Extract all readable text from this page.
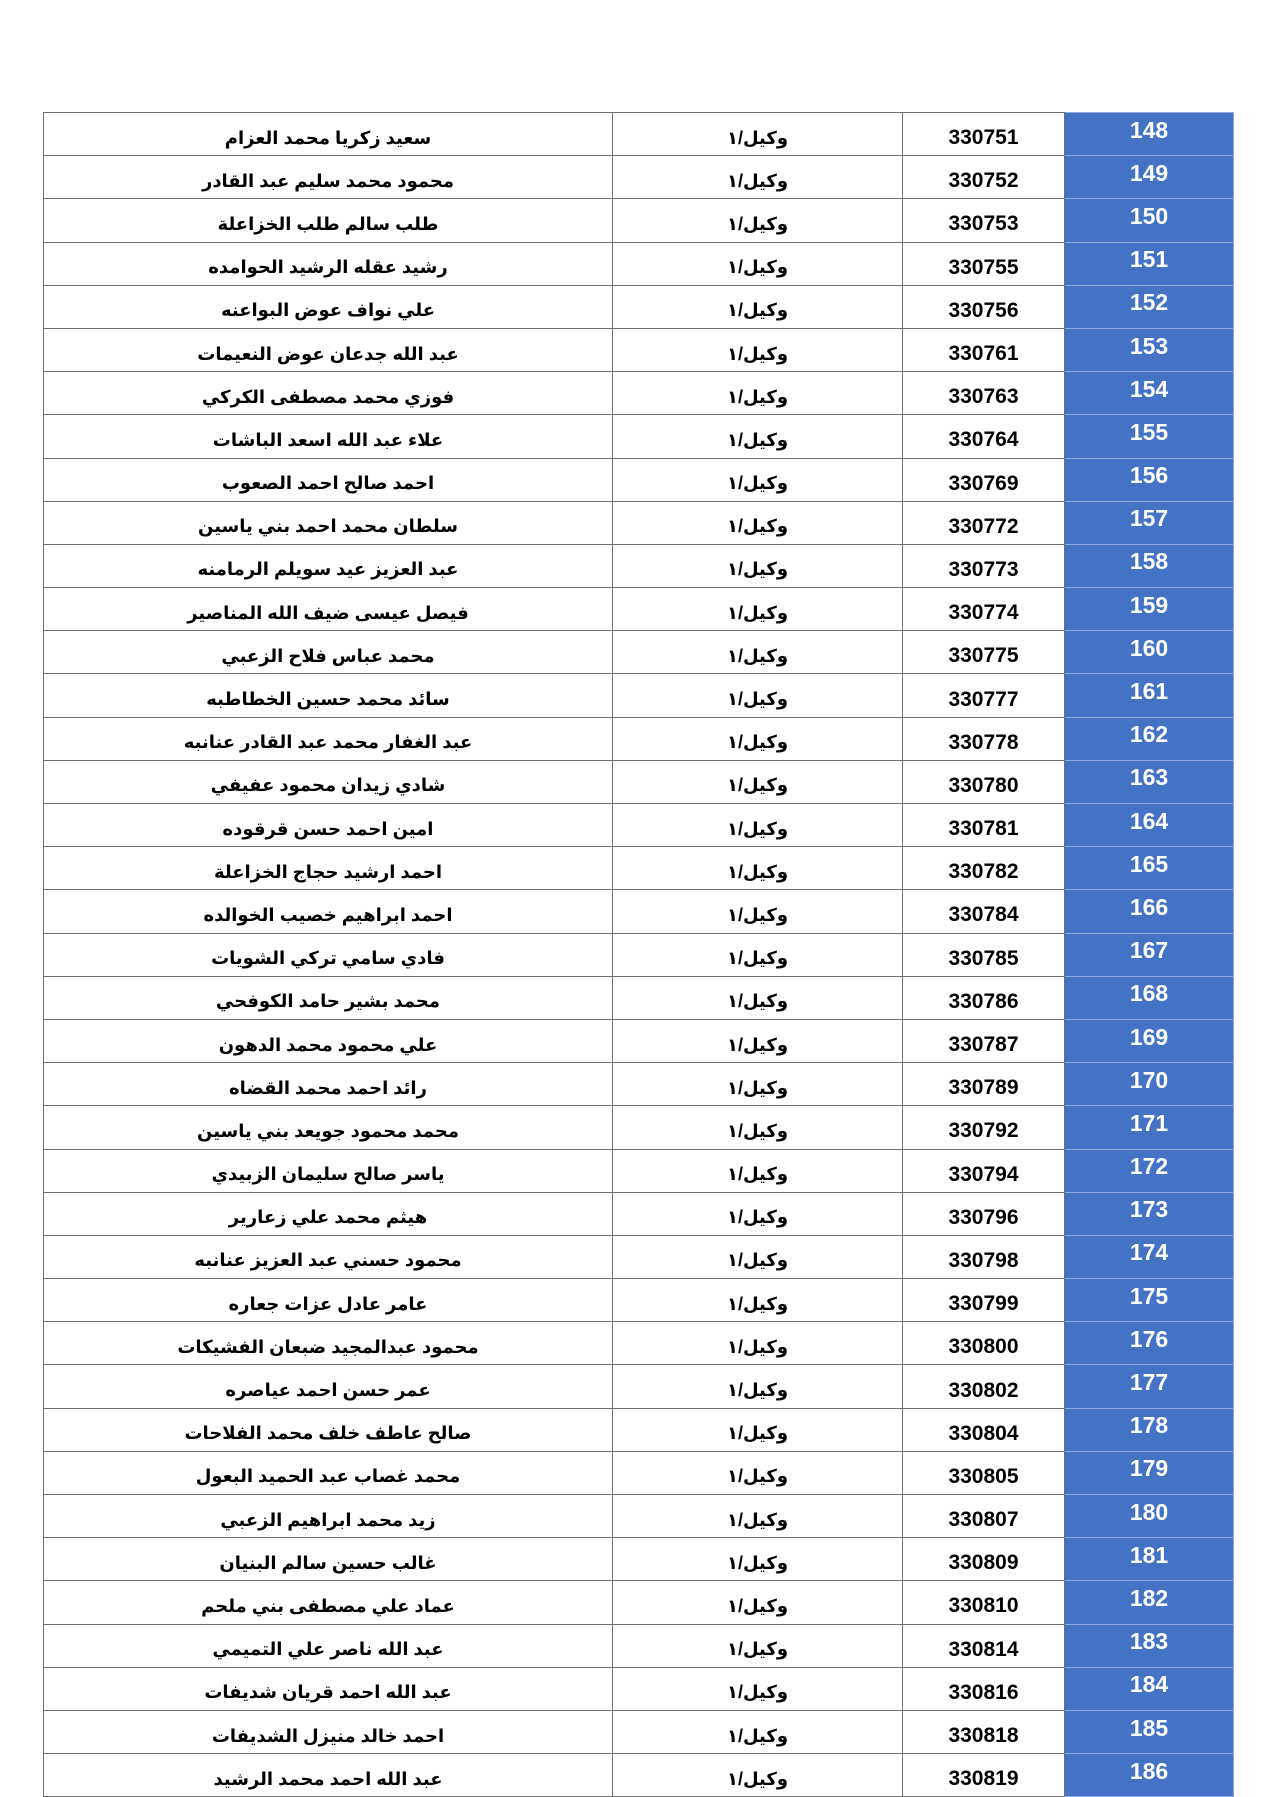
سعيد زكريا محمد العزام	وكيل/١	330751	148
محمود محمد سليم عبد القادر	وكيل/١	330752	149
طلب سالم طلب الخزاعلة	وكيل/١	330753	150
رشيد عقله الرشيد الحوامده	وكيل/١	330755	151
علي نواف عوض البواعنه	وكيل/١	330756	152
عبد الله جدعان عوض النعيمات	وكيل/١	330761	153
فوزي محمد مصطفى الكركي	وكيل/١	330763	154
علاء عبد الله اسعد الباشات	وكيل/١	330764	155
احمد صالح احمد الصعوب	وكيل/١	330769	156
سلطان محمد احمد بني ياسين	وكيل/١	330772	157
عبد العزيز عيد سويلم الرمامنه	وكيل/١	330773	158
فيصل عيسى ضيف الله المناصير	وكيل/١	330774	159
محمد عباس فلاح الزعبي	وكيل/١	330775	160
سائد محمد حسين الخطاطبه	وكيل/١	330777	161
عبد الغفار محمد عبد القادر عنانبه	وكيل/١	330778	162
شادي زيدان محمود عفيفي	وكيل/١	330780	163
امين احمد حسن قرقوده	وكيل/١	330781	164
احمد ارشيد حجاج الخزاعلة	وكيل/١	330782	165
احمد ابراهيم خصيب الخوالده	وكيل/١	330784	166
فادي سامي تركي الشويات	وكيل/١	330785	167
محمد بشير حامد الكوفحي	وكيل/١	330786	168
علي محمود محمد الدهون	وكيل/١	330787	169
رائد احمد محمد القضاه	وكيل/١	330789	170
محمد محمود جويعد بني ياسين	وكيل/١	330792	171
ياسر صالح سليمان الزبيدي	وكيل/١	330794	172
هيثم محمد علي زعارير	وكيل/١	330796	173
محمود حسني عبد العزيز عنانبه	وكيل/١	330798	174
عامر عادل عزات جعاره	وكيل/١	330799	175
محمود عبدالمجيد ضبعان الفشيكات	وكيل/١	330800	176
عمر حسن احمد عياصره	وكيل/١	330802	177
صالح عاطف خلف محمد الفلاحات	وكيل/١	330804	178
محمد غصاب عبد الحميد البعول	وكيل/١	330805	179
زيد محمد ابراهيم الزعبي	وكيل/١	330807	180
غالب حسين سالم البنيان	وكيل/١	330809	181
عماد علي مصطفى بني ملحم	وكيل/١	330810	182
عبد الله ناصر علي التميمي	وكيل/١	330814	183
عبد الله احمد قريان شديفات	وكيل/١	330816	184
احمد خالد منيزل الشديفات	وكيل/١	330818	185
عبد الله احمد محمد الرشيد	وكيل/١	330819	186
